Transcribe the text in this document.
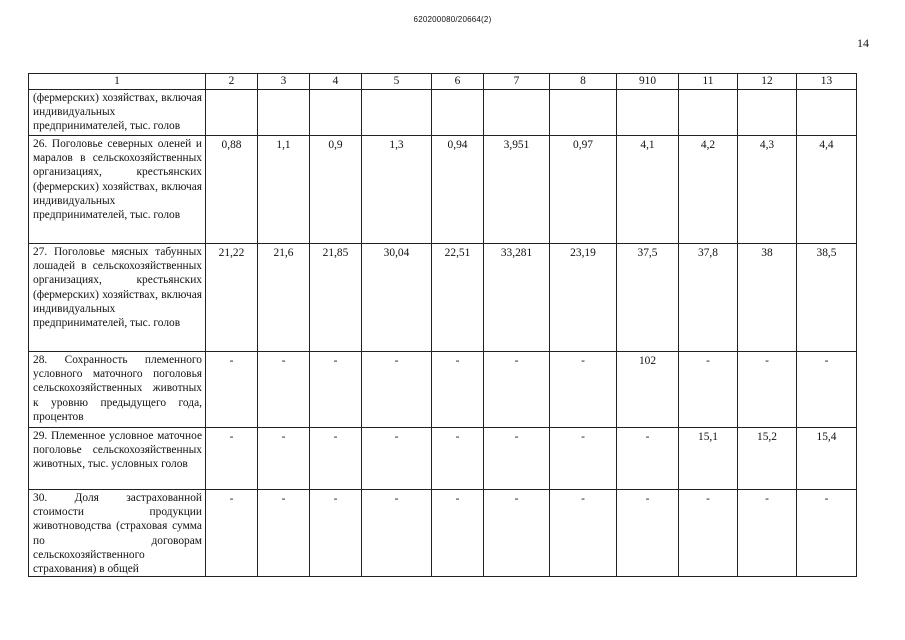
620200080/20664(2)
14
1	2	3	4	5	6	7	8	910	11	12	13
(фермерских) хозяйствах, включая индивидуальных предпринимателей, тыс. голов											
26. Поголовье северных оленей и маралов в сельскохозяйственных организациях, крестьянских (фермерских) хозяйствах, включая индивидуальных предпринимателей, тыс. голов	0,88	1,1	0,9	1,3	0,94	3,951	0,97	4,1	4,2	4,3	4,4
27. Поголовье мясных табунных лошадей в сельскохозяйственных организациях, крестьянских (фермерских) хозяйствах, включая индивидуальных предпринимателей, тыс. голов	21,22	21,6	21,85	30,04	22,51	33,281	23,19	37,5	37,8	38	38,5
28. Сохранность племенного условного маточного поголовья сельскохозяйственных животных к уровню предыдущего года, процентов	-	-	-	-	-	-	-	102	-	-	-
29. Племенное условное маточное поголовье сельскохозяйственных животных, тыс. условных голов	-	-	-	-	-	-	-	-	15,1	15,2	15,4
30. Доля застрахованной стоимости продукции животноводства (страховая сумма по договорам сельскохозяйственного страхования) в общей	-	-	-	-	-	-	-	-	-	-	-
